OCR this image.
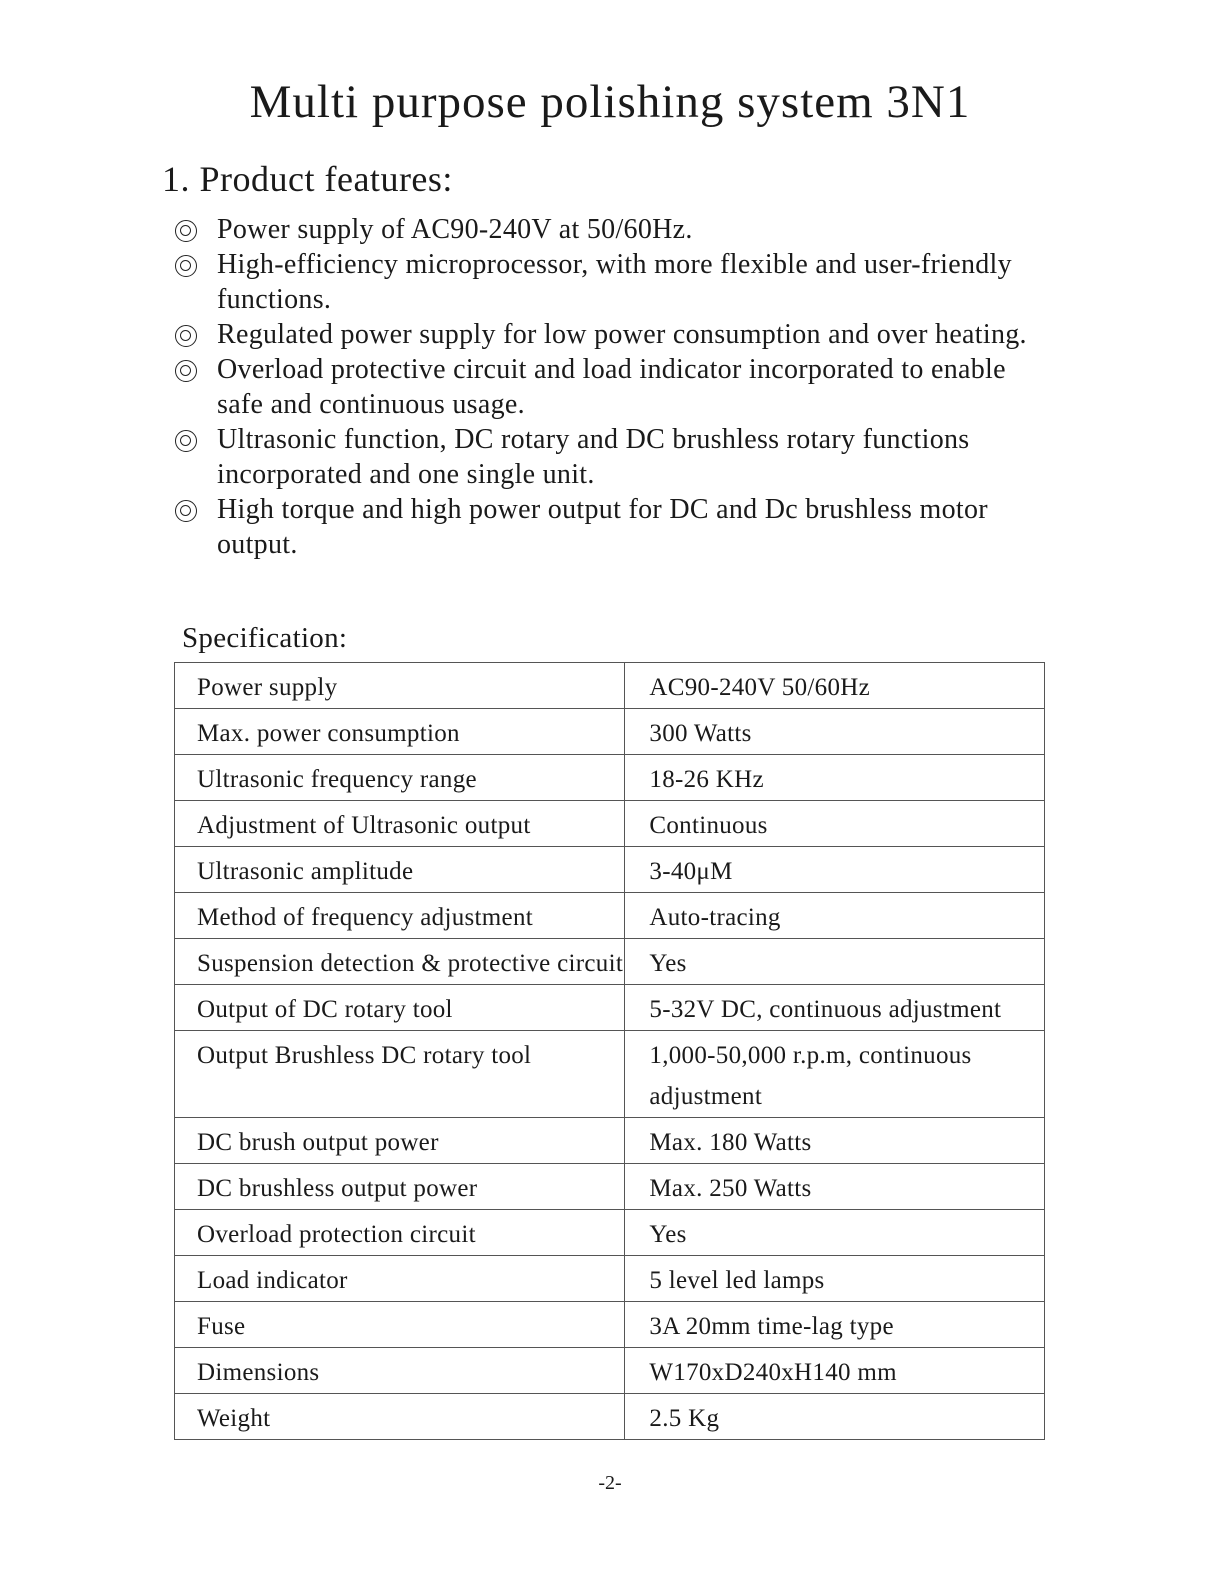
Multi purpose polishing system 3N1
1. Product features:
Power supply of AC90-240V at 50/60Hz.
High-efficiency microprocessor, with more flexible and user-friendly functions.
Regulated power supply for low power consumption and over heating.
Overload protective circuit and load indicator incorporated to enable safe and continuous usage.
Ultrasonic function, DC rotary and DC brushless rotary functions incorporated and one single unit.
High torque and high power output for DC and Dc brushless motor output.
Specification:
Power supply	AC90-240V 50/60Hz
Max. power consumption	300 Watts
Ultrasonic frequency range	18-26 KHz
Adjustment of Ultrasonic output	Continuous
Ultrasonic amplitude	3-40μM
Method of frequency adjustment	Auto-tracing
Suspension detection & protective circuit	Yes
Output of DC rotary tool	5-32V DC, continuous adjustment
Output Brushless DC rotary tool	1,000-50,000 r.p.m, continuous adjustment
DC brush output power	Max. 180 Watts
DC brushless output power	Max. 250 Watts
Overload protection circuit	Yes
Load indicator	5 level led lamps
Fuse	3A 20mm time-lag type
Dimensions	W170xD240xH140 mm
Weight	2.5 Kg
-2-
